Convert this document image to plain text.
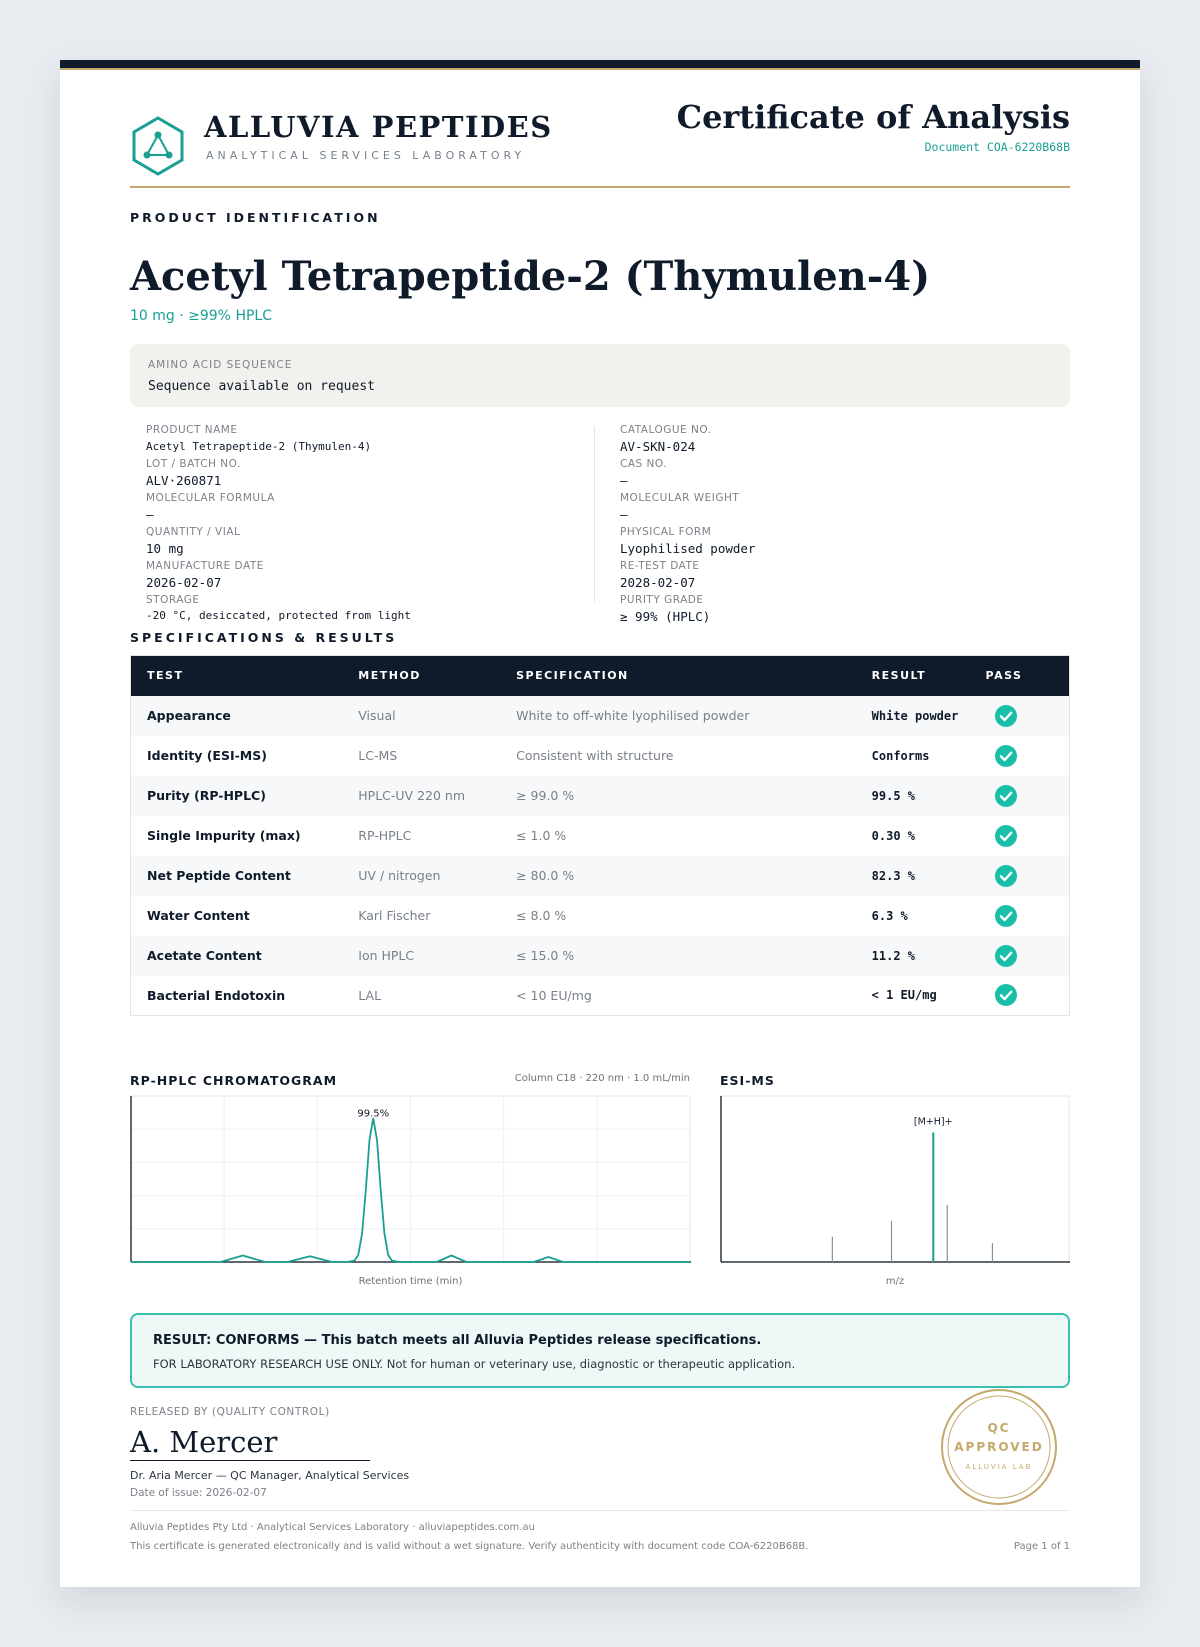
ALLUVIA PEPTIDES
ANALYTICAL SERVICES LABORATORY
Certificate of Analysis
Document COA-6220B68B
PRODUCT IDENTIFICATION
Acetyl Tetrapeptide-2 (Thymulen-4)
10 mg · ≥99% HPLC
AMINO ACID SEQUENCE
Sequence available on request
PRODUCT NAME
Acetyl Tetrapeptide-2 (Thymulen-4)
LOT / BATCH NO.
ALV·260871
MOLECULAR FORMULA
—
QUANTITY / VIAL
10 mg
MANUFACTURE DATE
2026-02-07
STORAGE
-20 °C, desiccated, protected from light
CATALOGUE NO.
AV-SKN-024
CAS NO.
—
MOLECULAR WEIGHT
—
PHYSICAL FORM
Lyophilised powder
RE-TEST DATE
2028-02-07
PURITY GRADE
≥ 99% (HPLC)
SPECIFICATIONS & RESULTS
TEST	METHOD	SPECIFICATION	RESULT	PASS
Appearance	Visual	White to off-white lyophilised powder	White powder	

Identity (ESI-MS)	LC-MS	Consistent with structure	Conforms	

Purity (RP-HPLC)	HPLC-UV 220 nm	≥ 99.0 %	99.5 %	

Single Impurity (max)	RP-HPLC	≤ 1.0 %	0.30 %	

Net Peptide Content	UV / nitrogen	≥ 80.0 %	82.3 %	

Water Content	Karl Fischer	≤ 8.0 %	6.3 %	

Acetate Content	Ion HPLC	≤ 15.0 %	11.2 %	

Bacterial Endotoxin	LAL	< 10 EU/mg	< 1 EU/mg	
RP-HPLC CHROMATOGRAM	Column C18 · 220 nm · 1.0 mL/min
99.5%
Retention time (min)
ESI-MS
[M+H]+
m/z
RESULT: CONFORMS — This batch meets all Alluvia Peptides release specifications.
FOR LABORATORY RESEARCH USE ONLY. Not for human or veterinary use, diagnostic or therapeutic application.
RELEASED BY (QUALITY CONTROL)
A. Mercer
Dr. Aria Mercer — QC Manager, Analytical Services
Date of issue: 2026-02-07
QC
APPROVED
ALLUVIA LAB
Alluvia Peptides Pty Ltd · Analytical Services Laboratory · alluviapeptides.com.au
This certificate is generated electronically and is valid without a wet signature. Verify authenticity with document code COA-6220B68B.	Page 1 of 1
